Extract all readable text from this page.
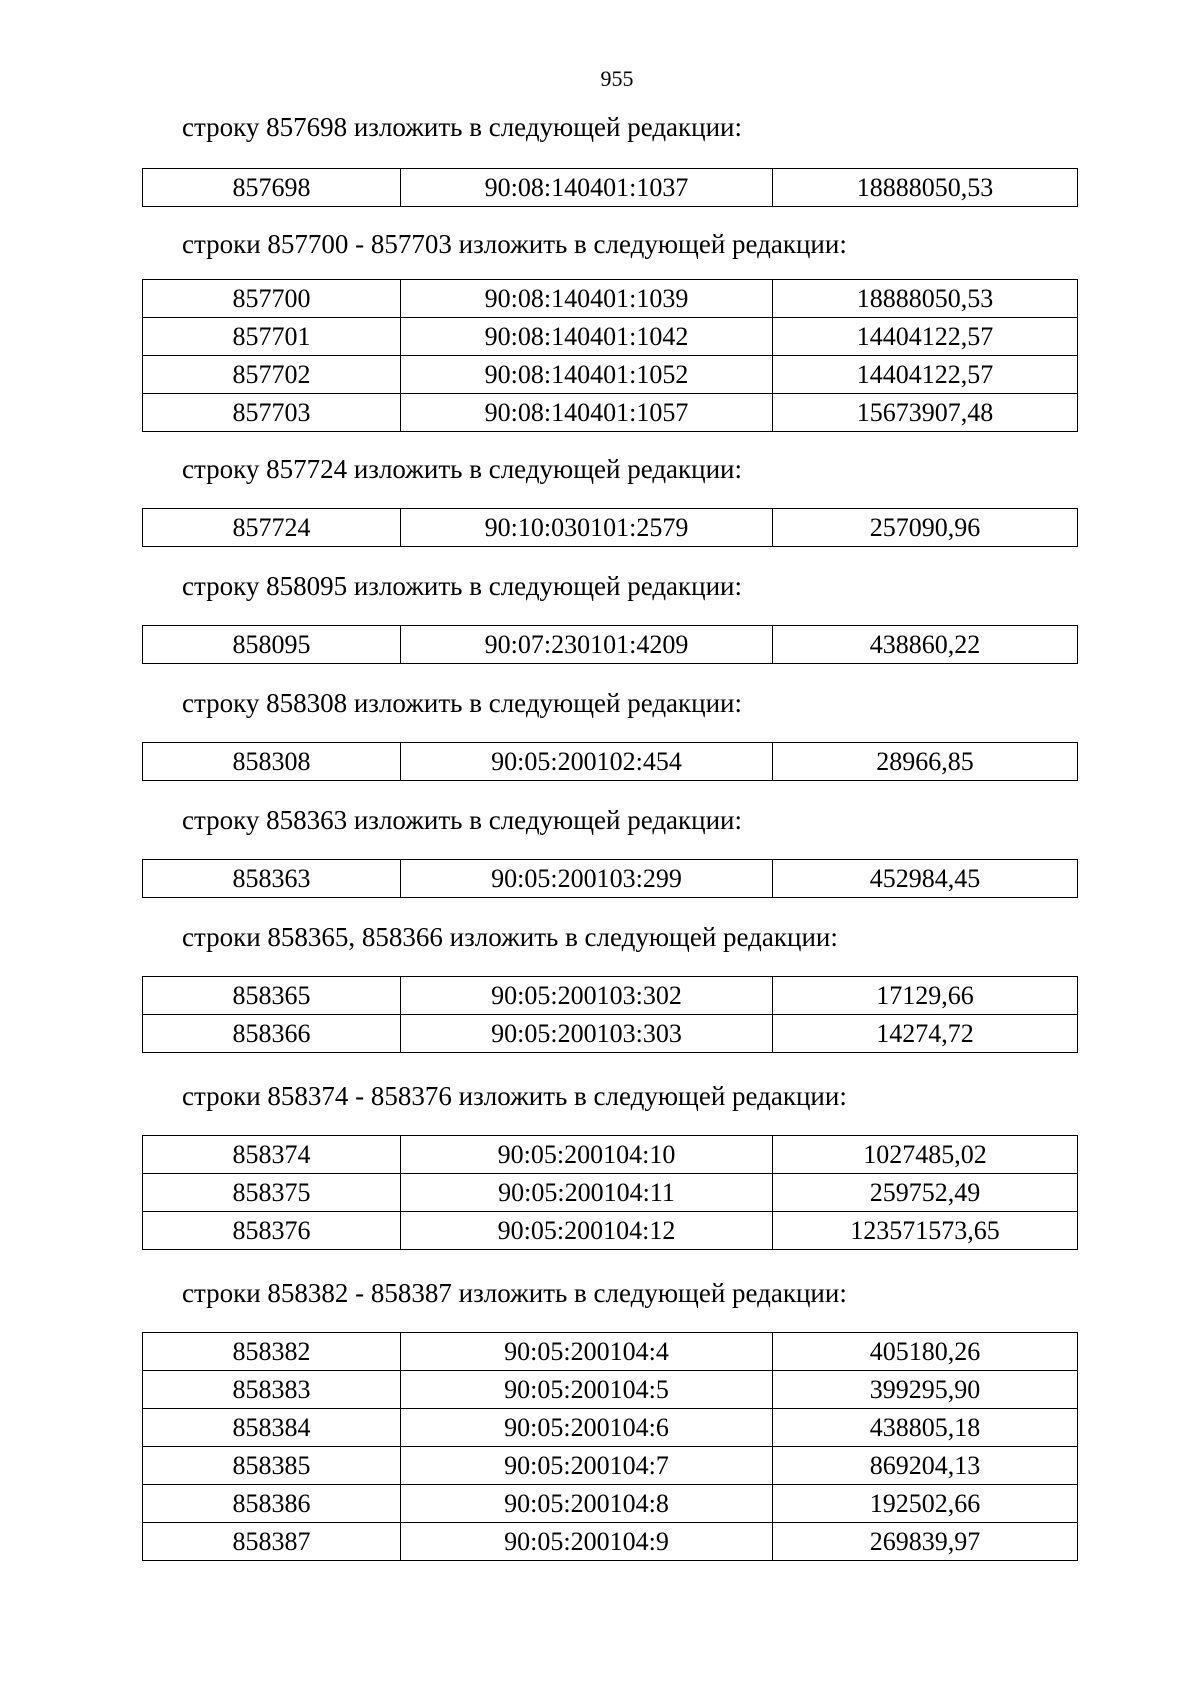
955

строку 857698 изложить в следующей редакции:

857698	90:08:140401:1037	18888050,53

строки 857700 - 857703 изложить в следующей редакции:

857700	90:08:140401:1039	18888050,53
857701	90:08:140401:1042	14404122,57
857702	90:08:140401:1052	14404122,57
857703	90:08:140401:1057	15673907,48

строку 857724 изложить в следующей редакции:

857724	90:10:030101:2579	257090,96

строку 858095 изложить в следующей редакции:

858095	90:07:230101:4209	438860,22

строку 858308 изложить в следующей редакции:

858308	90:05:200102:454	28966,85

строку 858363 изложить в следующей редакции:

858363	90:05:200103:299	452984,45

строки 858365, 858366 изложить в следующей редакции:

858365	90:05:200103:302	17129,66
858366	90:05:200103:303	14274,72

строки 858374 - 858376 изложить в следующей редакции:

858374	90:05:200104:10	1027485,02
858375	90:05:200104:11	259752,49
858376	90:05:200104:12	123571573,65

строки 858382 - 858387 изложить в следующей редакции:

858382	90:05:200104:4	405180,26
858383	90:05:200104:5	399295,90
858384	90:05:200104:6	438805,18
858385	90:05:200104:7	869204,13
858386	90:05:200104:8	192502,66
858387	90:05:200104:9	269839,97
